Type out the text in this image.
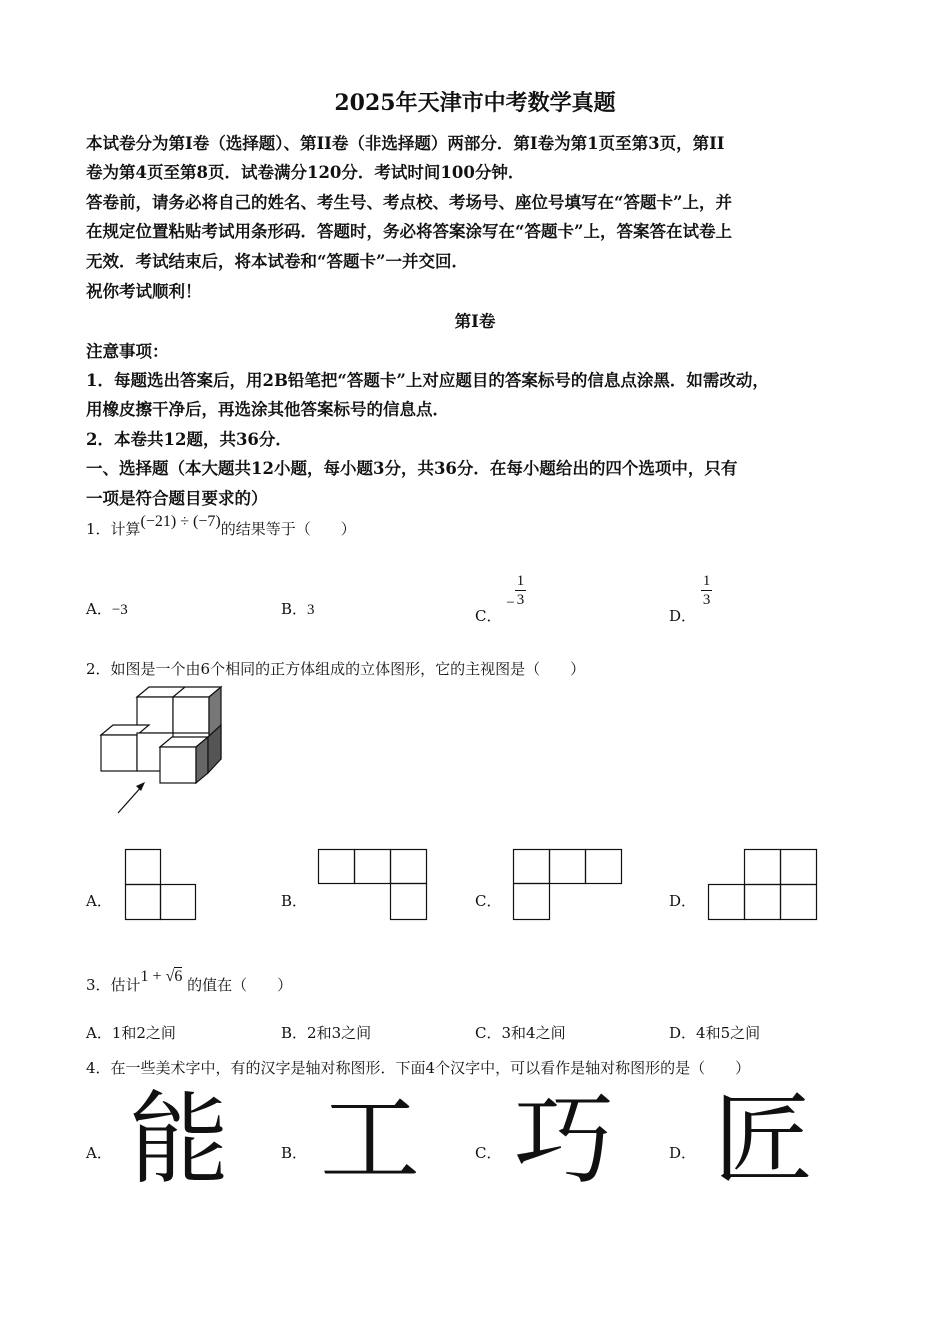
2025年天津市中考数学真题
本试卷分为第I卷（选择题）、第II卷（非选择题）两部分．第I卷为第1页至第3页，第II
卷为第4页至第8页．试卷满分120分．考试时间100分钟．
答卷前，请务必将自己的姓名、考生号、考点校、考场号、座位号填写在“答题卡”上，并
在规定位置粘贴考试用条形码．答题时，务必将答案涂写在“答题卡”上，答案答在试卷上
无效．考试结束后，将本试卷和“答题卡”一并交回．
祝你考试顺利！
第I卷
注意事项：
1．每题选出答案后，用2B铅笔把“答题卡”上对应题目的答案标号的信息点涂黑．如需改动，
用橡皮擦干净后，再选涂其他答案标号的信息点．
2．本卷共12题，共36分．
一、选择题（本大题共12小题，每小题3分，共36分．在每小题给出的四个选项中，只有
一项是符合题目要求的）
1．计算(−21) ÷ (−7)的结果等于（　　）
A．−3	B．3	C． − $\frac{1}{3}$
D．
$\frac{1}{3}$
2．如图是一个由6个相同的正方体组成的立体图形，它的主视图是（　　）
A．	B．	C．	D．
3．估计1 + √6 的值在（　　）
A．1和2之间	B．2和3之间	C．3和4之间	D．4和5之间
4．在一些美术字中，有的汉字是轴对称图形．下面4个汉字中，可以看作是轴对称图形的是（　　）
A． 能	B． 工	C． 巧	D． 匠
